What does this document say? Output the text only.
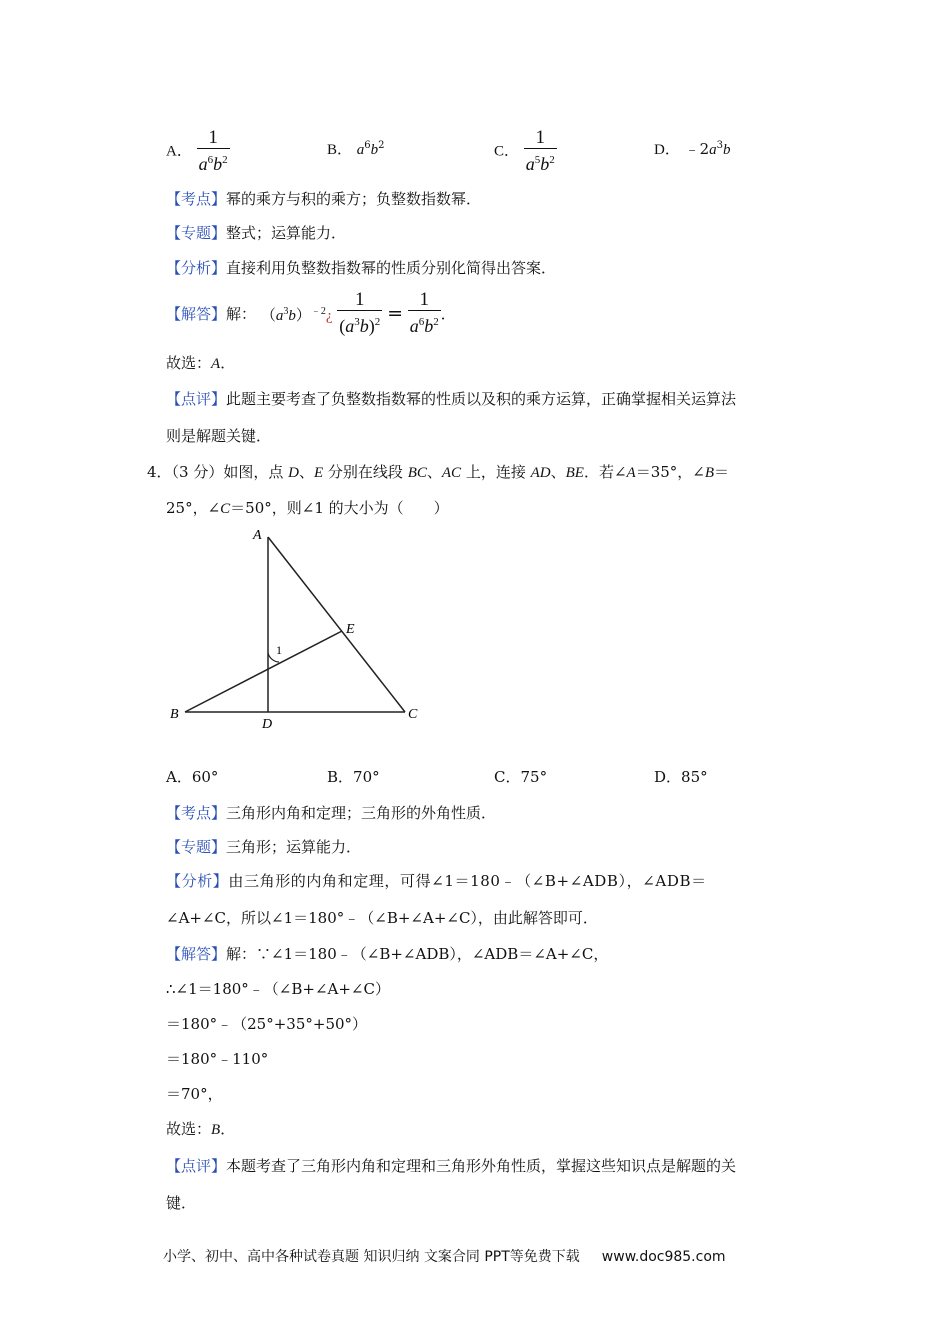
A． $\frac{1}{a^6b^2}$	B． $a^6b^2$	C． $\frac{1}{a^5b^2}$	D． $﹣2a^3b$
【考点】幂的乘方与积的乘方；负整数指数幂．
【专题】整式；运算能力．
【分析】直接利用负整数指数幂的性质分别化简得出答案．
【解答】解： $(a^3b)^{﹣2}¿ \frac{1}{(a^3b)^2} = \frac{1}{a^6b^2}$ ．
故选：A．
【点评】此题主要考查了负整数指数幂的性质以及积的乘方运算，正确掌握相关运算法
则是解题关键．
4．（3 分）如图，点 D、E 分别在线段 BC、AC 上，连接 AD、BE．若∠A＝35°，∠B＝
25°，∠C＝50°，则∠1 的大小为（　　）
A
B	C
D
E
1
A．60°	B．70°	C．75°	D．85°
【考点】三角形内角和定理；三角形的外角性质．
【专题】三角形；运算能力．
【分析】由三角形的内角和定理，可得∠1＝180﹣（∠B+∠ADB），∠ADB＝
∠A+∠C，所以∠1＝180°﹣（∠B+∠A+∠C），由此解答即可．
【解答】解：∵∠1＝180﹣（∠B+∠ADB），∠ADB＝∠A+∠C，
∴∠1＝180°﹣（∠B+∠A+∠C）
＝180°﹣（25°+35°+50°）
＝180°﹣110°
＝70°，
故选：B．
【点评】本题考查了三角形内角和定理和三角形外角性质，掌握这些知识点是解题的关
键．
小学、初中、高中各种试卷真题 知识归纳 文案合同 PPT等免费下载 www.doc985.com
